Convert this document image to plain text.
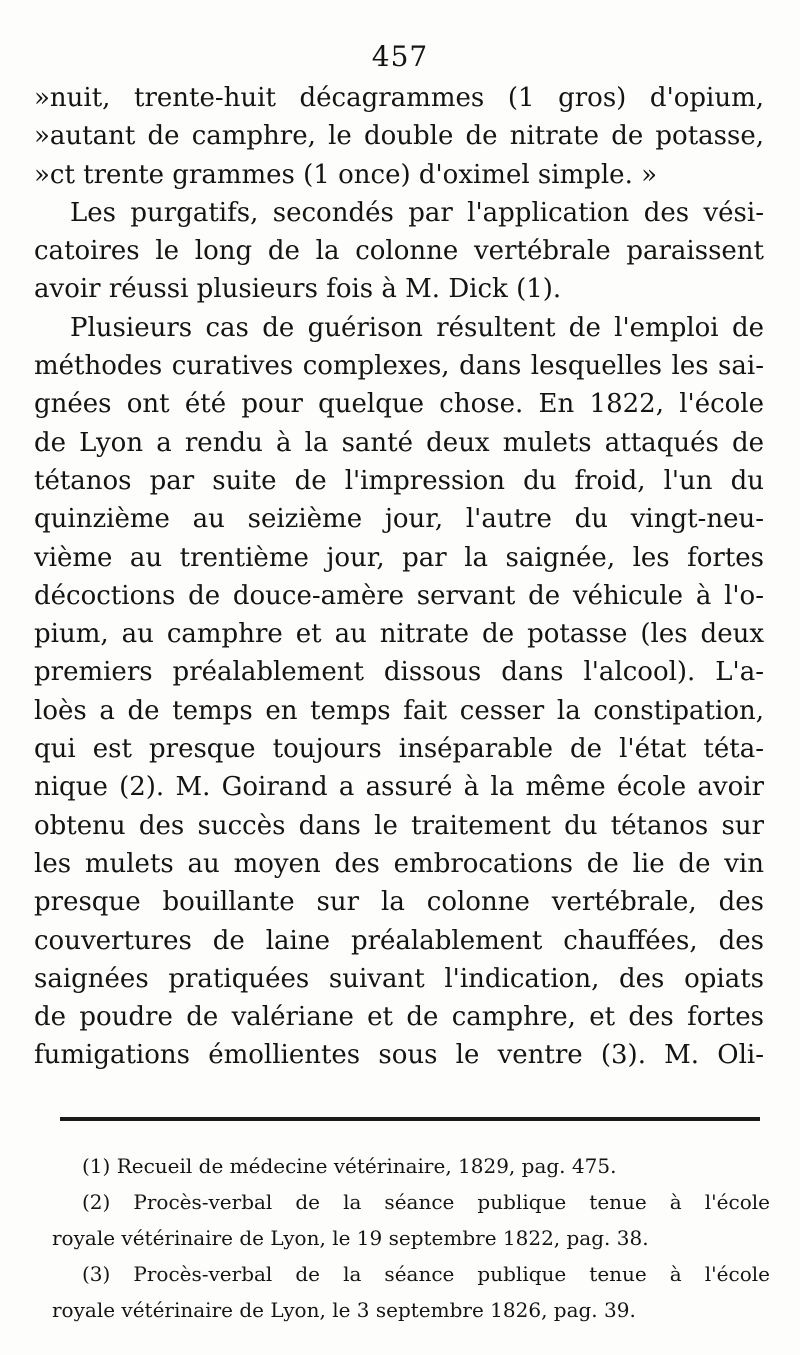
457
»nuit, trente-huit décagrammes (1 gros) d'opium,
»autant de camphre, le double de nitrate de potasse,
»ct trente grammes (1 once) d'oximel simple. »
Les purgatifs, secondés par l'application des vési-
catoires le long de la colonne vertébrale paraissent
avoir réussi plusieurs fois à M. Dick (1).
Plusieurs cas de guérison résultent de l'emploi de
méthodes curatives complexes, dans lesquelles les sai-
gnées ont été pour quelque chose. En 1822, l'école
de Lyon a rendu à la santé deux mulets attaqués de
tétanos par suite de l'impression du froid, l'un du
quinzième au seizième jour, l'autre du vingt-neu-
vième au trentième jour, par la saignée, les fortes
décoctions de douce-amère servant de véhicule à l'o-
pium, au camphre et au nitrate de potasse (les deux
premiers préalablement dissous dans l'alcool). L'a-
loès a de temps en temps fait cesser la constipation,
qui est presque toujours inséparable de l'état téta-
nique (2). M. Goirand a assuré à la même école avoir
obtenu des succès dans le traitement du tétanos sur
les mulets au moyen des embrocations de lie de vin
presque bouillante sur la colonne vertébrale, des
couvertures de laine préalablement chauffées, des
saignées pratiquées suivant l'indication, des opiats
de poudre de valériane et de camphre, et des fortes
fumigations émollientes sous le ventre (3). M. Oli-
(1) Recueil de médecine vétérinaire, 1829, pag. 475.
(2) Procès-verbal de la séance publique tenue à l'école
royale vétérinaire de Lyon, le 19 septembre 1822, pag. 38.
(3) Procès-verbal de la séance publique tenue à l'école
royale vétérinaire de Lyon, le 3 septembre 1826, pag. 39.
